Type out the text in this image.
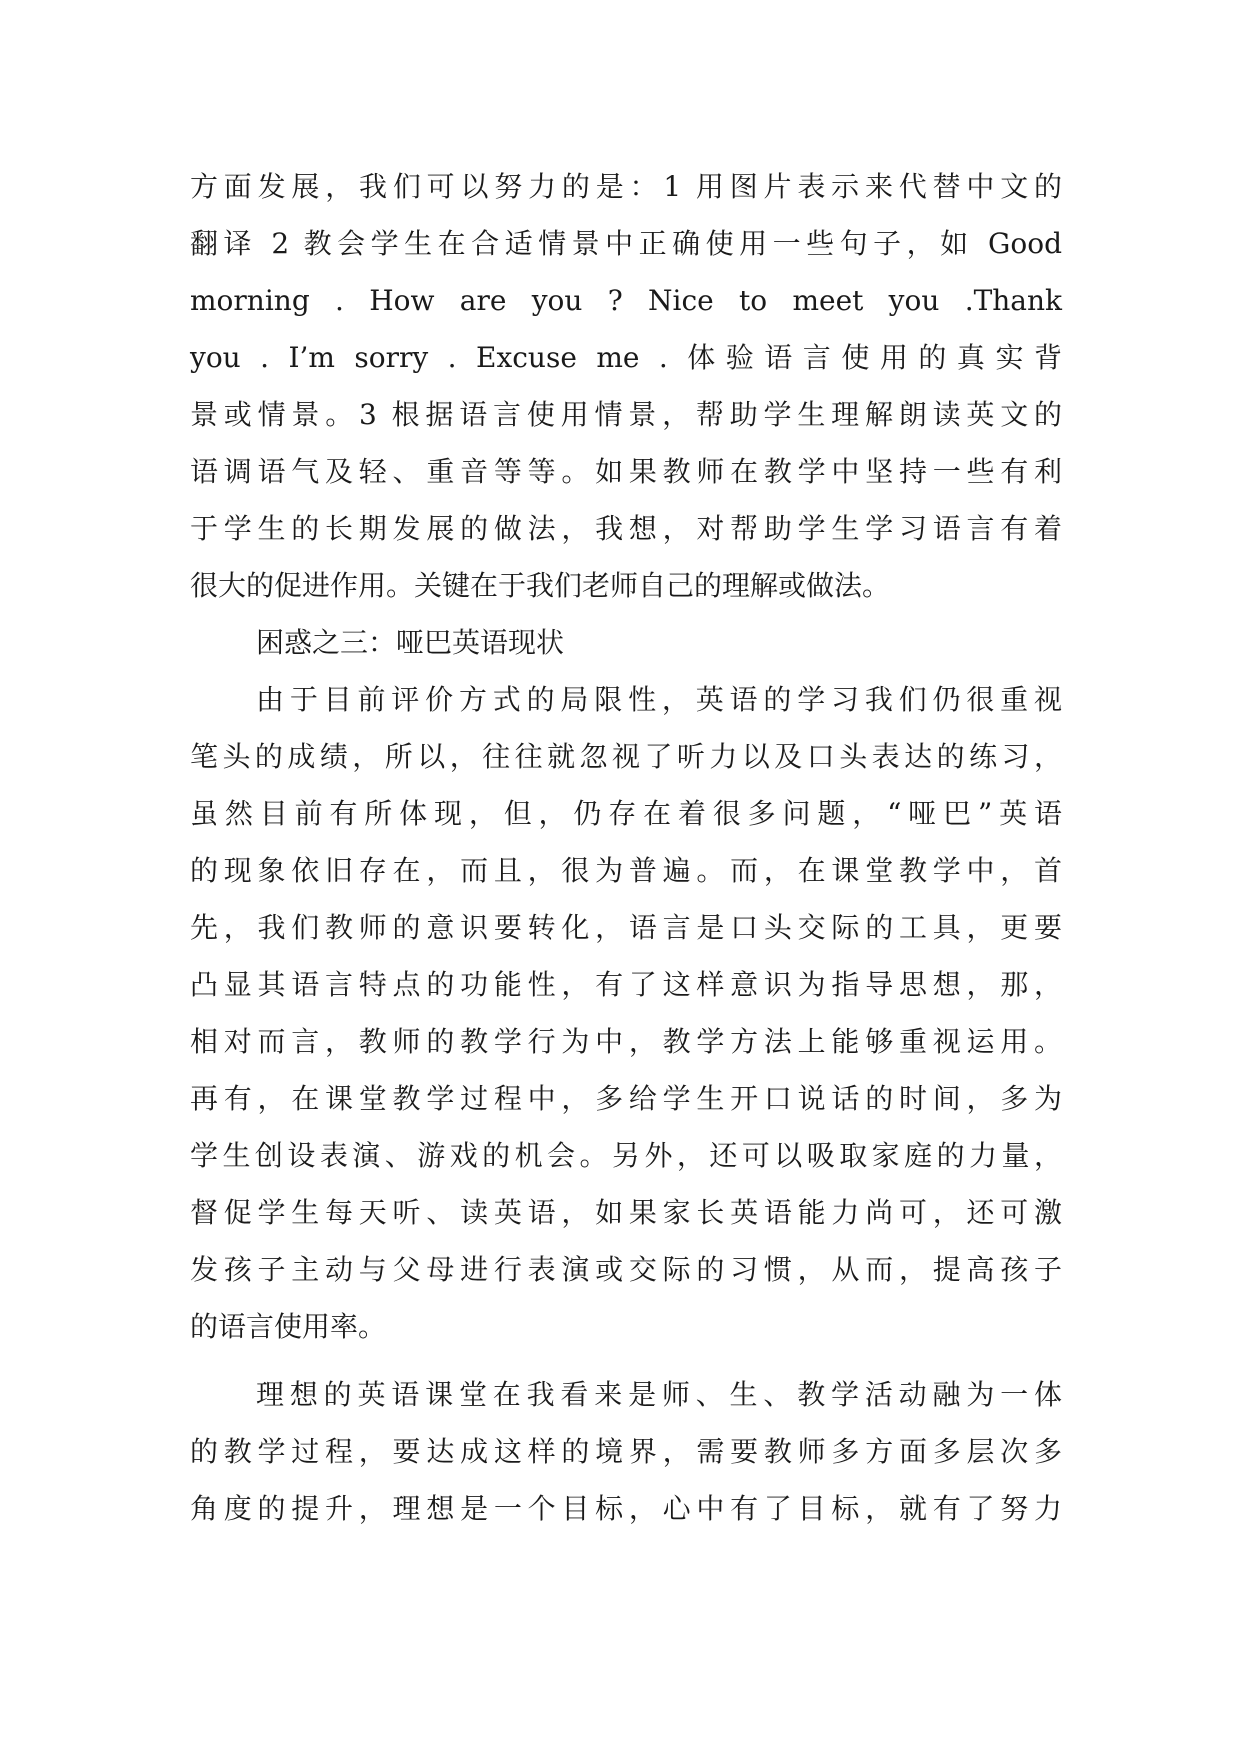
方面发展，我们可以努力的是：1 用图片表示来代替中文的
翻译 2 教会学生在合适情景中正确使用一些句子，如 Good
morning . How are you ? Nice to meet you .Thank
you . I’m sorry . Excuse me . 体验语言使用的真实背
景或情景。3 根据语言使用情景，帮助学生理解朗读英文的
语调语气及轻、重音等等。如果教师在教学中坚持一些有利
于学生的长期发展的做法，我想，对帮助学生学习语言有着
很大的促进作用。关键在于我们老师自己的理解或做法。
困惑之三：哑巴英语现状
由于目前评价方式的局限性，英语的学习我们仍很重视
笔头的成绩，所以，往往就忽视了听力以及口头表达的练习，
虽然目前有所体现，但，仍存在着很多问题，“哑巴”英语
的现象依旧存在，而且，很为普遍。而，在课堂教学中，首
先，我们教师的意识要转化，语言是口头交际的工具，更要
凸显其语言特点的功能性，有了这样意识为指导思想，那，
相对而言，教师的教学行为中，教学方法上能够重视运用。
再有，在课堂教学过程中，多给学生开口说话的时间，多为
学生创设表演、游戏的机会。另外，还可以吸取家庭的力量，
督促学生每天听、读英语，如果家长英语能力尚可，还可激
发孩子主动与父母进行表演或交际的习惯，从而，提高孩子
的语言使用率。
理想的英语课堂在我看来是师、生、教学活动融为一体
的教学过程，要达成这样的境界，需要教师多方面多层次多
角度的提升，理想是一个目标，心中有了目标，就有了努力
